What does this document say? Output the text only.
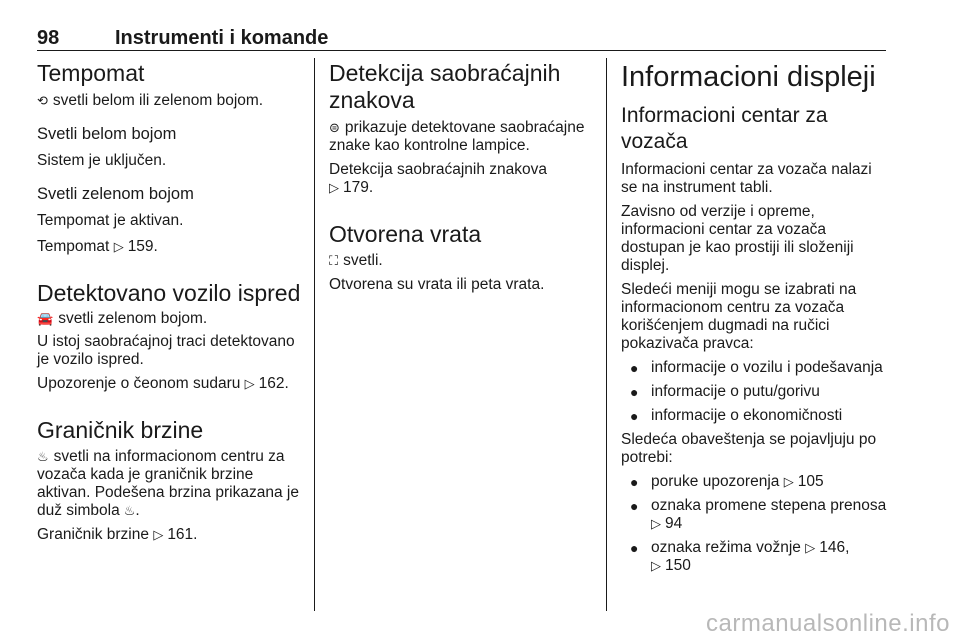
98	Instrumenti i komande
Tempomat

⟲ svetli belom ili zelenom bojom.

Svetli belom bojom

Sistem je uključen.

Svetli zelenom bojom

Tempomat je aktivan.

Tempomat ▷ 159.

Detektovano vozilo ispred

🚘 svetli zelenom bojom.

U istoj saobraćajnoj traci detektovano je vozilo ispred.

Upozorenje o čeonom sudaru ▷ 162.

Graničnik brzine

♨ svetli na informacionom centru za vozača kada je graničnik brzine aktivan. Podešena brzina prikazana je duž simbola ♨.

Graničnik brzine ▷ 161.

Detekcija saobraćajnih znakova

⊜ prikazuje detektovane saobraćajne znake kao kontrolne lampice.

Detekcija saobraćajnih znakova
▷ 179.

Otvorena vrata

⛶ svetli.

Otvorena su vrata ili peta vrata.

Informacioni displeji
Informacioni centar za vozača

Informacioni centar za vozača nalazi se na instrument tabli.

Zavisno od verzije i opreme, informacioni centar za vozača dostupan je kao prostiji ili složeniji displej.

Sledeći meniji mogu se izabrati na informacionom centru za vozača korišćenjem dugmadi na ručici pokazivača pravca:

● informacije o vozilu i podešavanja
● informacije o putu/gorivu
● informacije o ekonomičnosti

Sledeća obaveštenja se pojavljuju po potrebi:

● poruke upozorenja ▷ 105
● oznaka promene stepena prenosa ▷ 94
● oznaka režima vožnje ▷ 146,
▷ 150
carmanualsonline.info
